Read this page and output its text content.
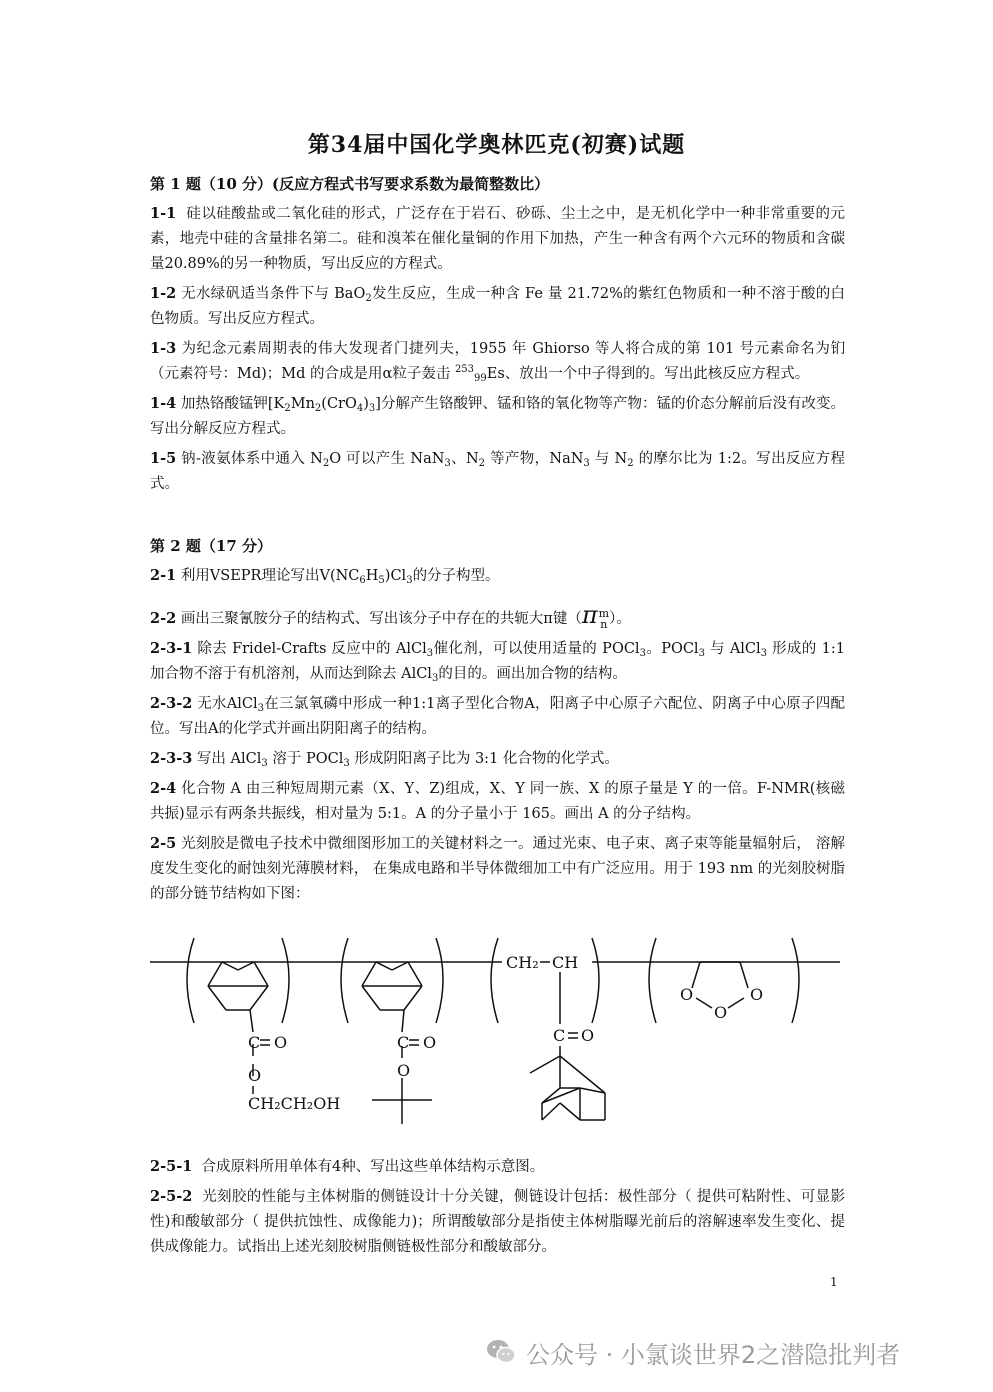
第34届中国化学奥林匹克(初赛)试题

第 1 题（10 分）(反应方程式书写要求系数为最简整数比）

1-1 硅以硅酸盐或二氧化硅的形式，广泛存在于岩石、砂砾、尘土之中，是无机化学中一种非常重要的元素，地壳中硅的含量排名第二。硅和溴苯在催化量铜的作用下加热，产生一种含有两个六元环的物质和含碳量20.89%的另一种物质，写出反应的方程式。

1-2 无水绿矾适当条件下与 BaO$_2$发生反应，生成一种含 Fe 量 21.72%的紫红色物质和一种不溶于酸的白色物质。写出反应方程式。

1-3 为纪念元素周期表的伟大发现者门捷列夫，1955 年 Ghiorso 等人将合成的第 101 号元素命名为钔（元素符号：Md)；Md 的合成是用α粒子轰击 $^{253}_{99}$Es、放出一个中子得到的。写出此核反应方程式。

1-4 加热铬酸锰钾$[K_2Mn_2(CrO_4)_3]$分解产生铬酸钾、锰和铬的氧化物等产物：锰的价态分解前后没有改变。写出分解反应方程式。

1-5 钠-液氨体系中通入 $N_2O$ 可以产生 NaN$_3$、$N_2$ 等产物，NaN$_3$ 与 $N_2$ 的摩尔比为 1:2。写出反应方程式。

第 2 题（17 分）

2-1 利用VSEPR理论写出$V(NC_6H_5)Cl_3$的分子构型。

2-2 画出三聚氰胺分子的结构式、写出该分子中存在的共轭大π键（π m
n ）。

2-3-1 除去 Fridel-Crafts 反应中的 AlCl$_3$催化剂，可以使用适量的 POCl$_3$。POCl$_3$ 与 AlCl$_3$ 形成的 1:1 加合物不溶于有机溶剂，从而达到除去 AlCl$_3$的目的。画出加合物的结构。

2-3-2 无水AlCl$_3$在三氯氧磷中形成一种1:1离子型化合物A，阳离子中心原子六配位、阴离子中心原子四配位。写出A的化学式并画出阴阳离子的结构。

2-3-3 写出 AlCl$_3$ 溶于 POCl$_3$ 形成阴阳离子比为 3:1 化合物的化学式。

2-4 化合物 A 由三种短周期元素（X、Y、Z)组成，X、Y 同一族、X 的原子量是 Y 的一倍。F-NMR(核磁共振)显示有两条共振线，相对量为 5:1。A 的分子量小于 165。画出 A 的分子结构。

2-5 光刻胶是微电子技术中微细图形加工的关键材料之一。通过光束、电子束、离子束等能量辐射后， 溶解度发生变化的耐蚀刻光薄膜材料， 在集成电路和半导体微细加工中有广泛应用。用于 193 nm 的光刻胶树脂的部分链节结构如下图：

C O
O
CH₂CH₂OH
C O
O
CH₂ CH
C O
O
O
O

2-5-1 合成原料所用单体有4种、写出这些单体结构示意图。

2-5-2 光刻胶的性能与主体树脂的侧链设计十分关键，侧链设计包括：极性部分（ 提供可粘附性、可显影性)和酸敏部分（ 提供抗蚀性、成像能力)；所谓酸敏部分是指使主体树脂曝光前后的溶解速率发生变化、提供成像能力。试指出上述光刻胶树脂侧链极性部分和酸敏部分。

1
公众号 · 小氯谈世界2之潜隐批判者
